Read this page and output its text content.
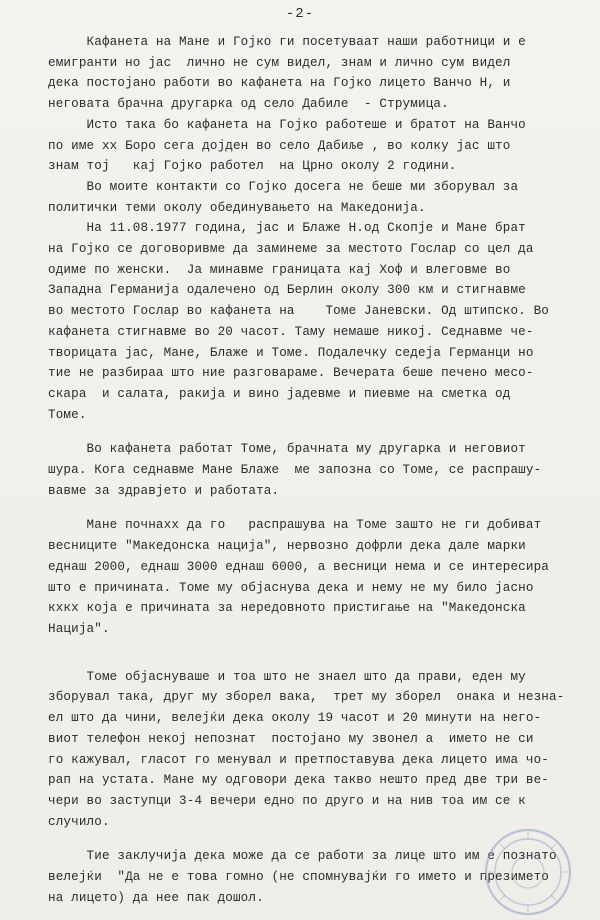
-2-
Кафанета на Мане и Гојко ги посетуваат наши работници и е
емигранти но јас  лично не сум видел, знам и лично сум видел
дека постојано работи во кафанета на Гојко лицето Ванчо Н, и
неговата брачна другарка од село Дабиле  - Струмица.
Исто така бо кафанета на Гојко работеше и братот на Ванчо
по име хх Боро сега дојден во село Дабиље , во колку јас што
знам тој   кај Гојко работел  на Црно околу 2 години.
Во моите контакти со Гојко досега не беше ми зборувал за
политички теми околу обединувањето на Македонија.
На 11.08.1977 година, јас и Блаже Н.од Скопје и Мане брат
на Гојко се договоривме да заминеме за местото Гослар со цел да
одиме по женски.  Ја минавме границата кај Хоф и влеговме во
Западна Германија одалечено од Берлин околу 300 км и стигнавме
во местото Гослар во кафанета на    Томе Јаневски. Од штипско. Во
кафанета стигнавме во 20 часот. Таму немаше никој. Седнавме че-
творицата јас, Мане, Блаже и Томе. Подалечку седеја Германци но
тие не разбираа што ние разговараме. Вечерата беше печено месо-
скара  и салата, ракија и вино јадевме и пиевме на сметка од
Томе.
Во кафанета работат Томе, брачната му другарка и неговиот
шура. Кога седнавме Мане Блаже  ме запозна со Томе, се распрашу-
вавме за здравјето и работата.
Мане почнахх да го   распрашува на Томе зашто не ги добиват
весниците "Македонска нација", нервозно дофрли дека дале марки
еднаш 2000, еднаш 3000 еднаш 6000, а весници нема и се интересира
што е причината. Томе му објаснува дека и нему не му било јасно
кхкх која е причината за нередовното пристигање на "Македонска
Нација".
Томе објаснуваше и тоа што не знаел што да прави, еден му
зборувал така, друг му зборел вака,  трет му зборел  онака и незна-
ел што да чини, велејќи дека околу 19 часот и 20 минути на него-
виот телефон некој непознат  постојано му звонел а  името не си
го кажувал, гласот го менувал и претпоставува дека лицето има чо-
рап на устата. Мане му одговори дека такво нешто пред две три ве-
чери во заступци 3-4 вечери едно по друго и на нив тоа им се к
случило.
Тие заклучија дека може да се работи за лице што им е познато
велејќи  "Да не е това гомно (не спомнувајќи го името и презимето
на лицето) да нее пак дошол.
